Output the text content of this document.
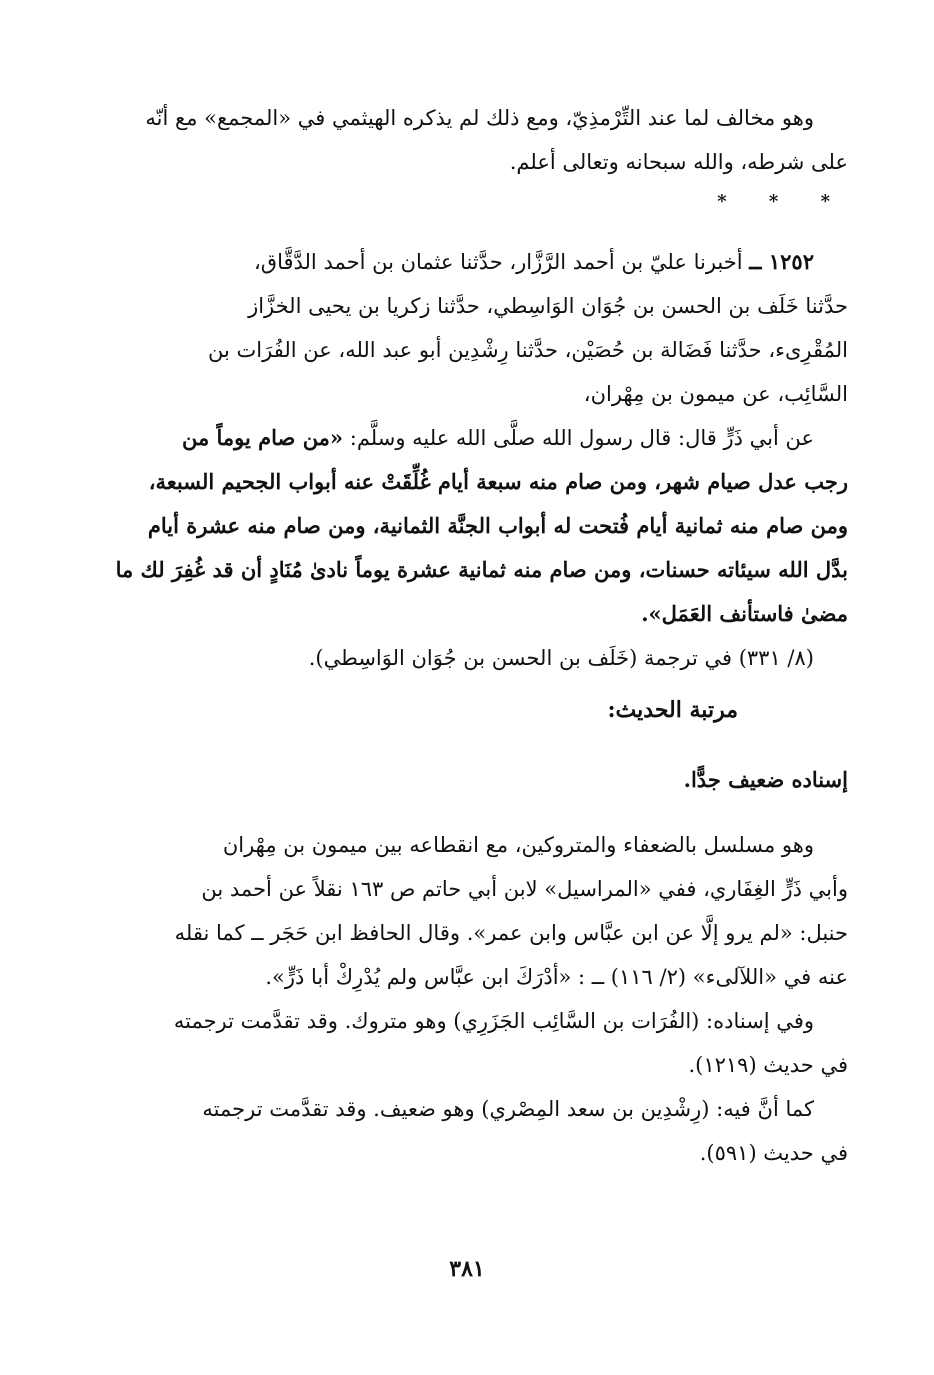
وهو مخالف لما عند التِّرْمذِيّ، ومع ذلك لم يذكره الهيثمي في «المجمع» مع أنّه

على شرطه، والله سبحانه وتعالى أعلم.

* * *

١٢٥٢ ــ أخبرنا عليّ بن أحمد الرَّزَّار، حدَّثنا عثمان بن أحمد الدَّقَّاق،

حدَّثنا خَلَف بن الحسن بن جُوَان الوَاسِطي، حدَّثنا زكريا بن يحيى الخزَّاز

المُقْرِىء، حدَّثنا فَضَالة بن حُصَيْن، حدَّثنا رِشْدِين أبو عبد الله، عن الفُرَات بن

السَّائِب، عن ميمون بن مِهْران،

عن أبي ذَرٍّ قال: قال رسول الله صلَّى الله عليه وسلَّم: «من صام يوماً من

رجب عدل صيام شهر، ومن صام منه سبعة أيام غُلِّقَتْ عنه أبواب الجحيم السبعة،

ومن صام منه ثمانية أيام فُتحت له أبواب الجنَّة الثمانية، ومن صام منه عشرة أيام

بدَّل الله سيئاته حسنات، ومن صام منه ثمانية عشرة يوماً نادىٰ مُنَادٍ أن قد غُفِرَ لك ما

مضىٰ فاستأنف العَمَل».

(٨/ ٣٣١) في ترجمة (خَلَف بن الحسن بن جُوَان الوَاسِطي).

مرتبة الحديث:

إسناده ضعيف جدًّا.

وهو مسلسل بالضعفاء والمتروكين، مع انقطاعه بين ميمون بن مِهْران

وأبي ذَرٍّ الغِفَاري، ففي «المراسيل» لابن أبي حاتم ص ١٦٣ نقلاً عن أحمد بن

حنبل: «لم يرو إلَّا عن ابن عبَّاس وابن عمر». وقال الحافظ ابن حَجَر ــ كما نقله

عنه في «اللآلىء» (٢/ ١١٦) ــ : «أدْرَكَ ابن عبَّاس ولم يُدْرِكْ أبا ذَرٍّ».

وفي إسناده: (الفُرَات بن السَّائِب الجَزَرِي) وهو متروك. وقد تقدَّمت ترجمته

في حديث (١٢١٩).

كما أنَّ فيه: (رِشْدِين بن سعد المِصْري) وهو ضعيف. وقد تقدَّمت ترجمته

في حديث (٥٩١).

٣٨١
